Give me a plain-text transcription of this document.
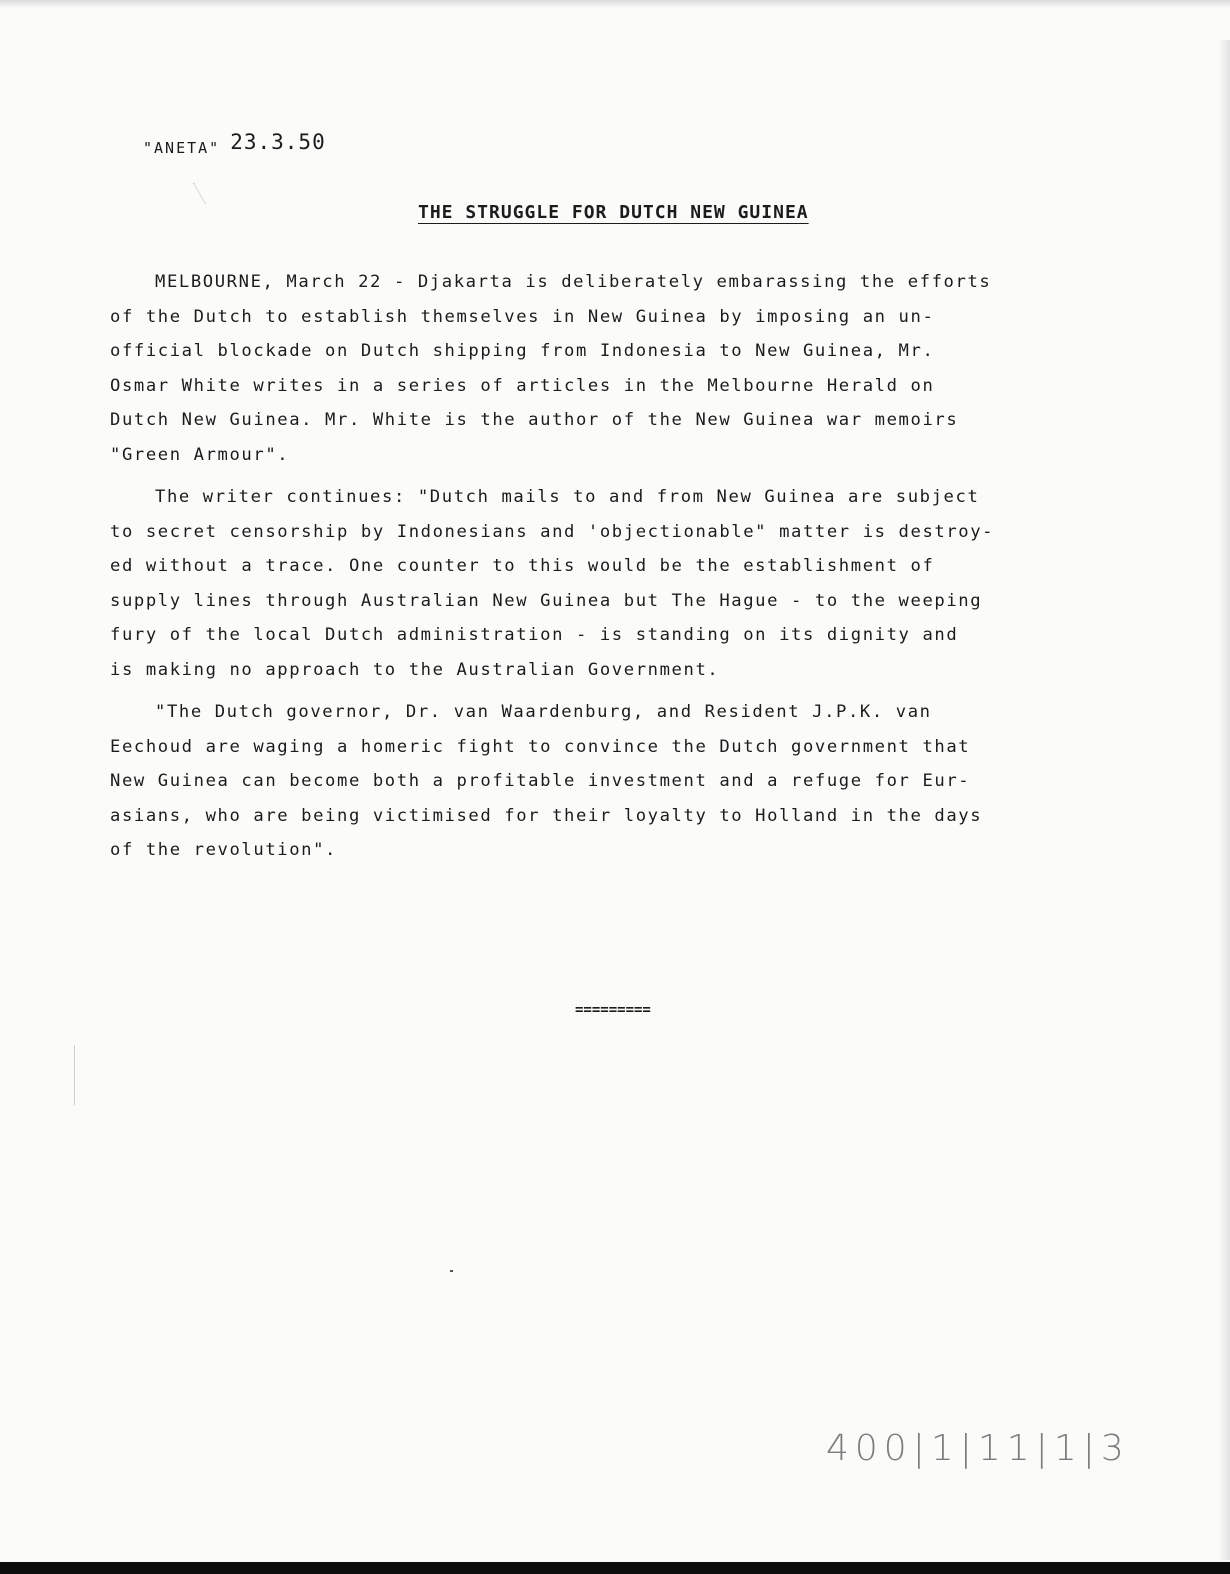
$_{"ANETA"}$ 23.3.50
THE STRUGGLE FOR DUTCH NEW GUINEA
MELBOURNE, March 22 - Djakarta is deliberately embarassing the efforts
of the Dutch to establish themselves in New Guinea by imposing an un-
official blockade on Dutch shipping from Indonesia to New Guinea, Mr.
Osmar White writes in a series of articles in the Melbourne Herald on
Dutch New Guinea. Mr. White is the author of the New Guinea war memoirs
"Green Armour".
The writer continues: "Dutch mails to and from New Guinea are subject
to secret censorship by Indonesians and 'objectionable" matter is destroy-
ed without a trace. One counter to this would be the establishment of
supply lines through Australian New Guinea but The Hague - to the weeping
fury of the local Dutch administration - is standing on its dignity and
is making no approach to the Australian Government.
"The Dutch governor, Dr. van Waardenburg, and Resident J.P.K. van
Eechoud are waging a homeric fight to convince the Dutch government that
New Guinea can become both a profitable investment and a refuge for Eur-
asians, who are being victimised for their loyalty to Holland in the days
of the revolution".
=========
400|1|11|1|3
